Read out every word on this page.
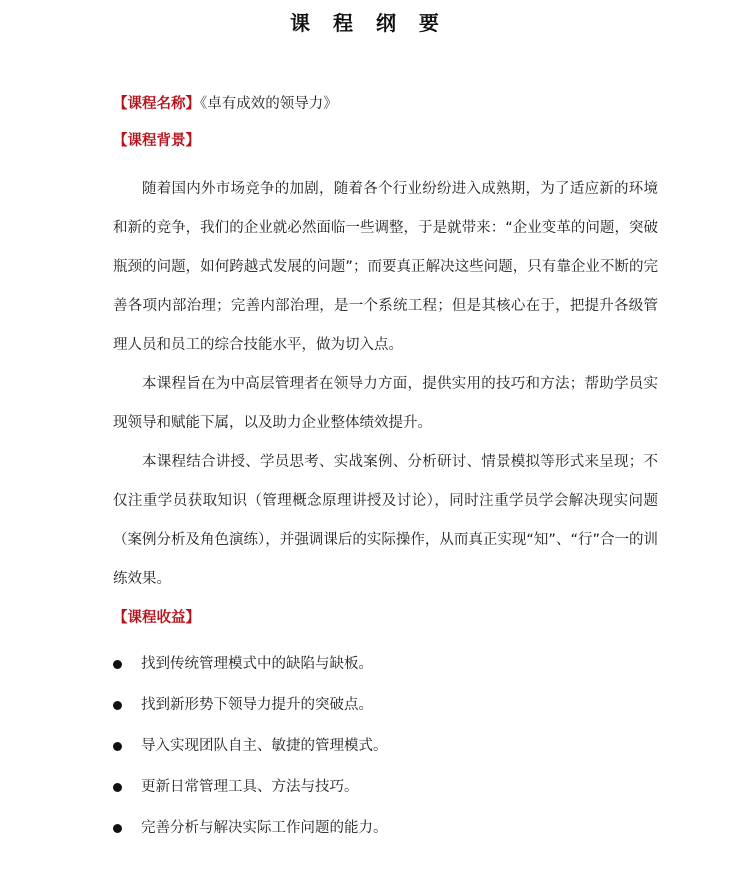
课 程 纲 要
【课程名称】《卓有成效的领导力》
【课程背景】

随着国内外市场竞争的加剧，随着各个行业纷纷进入成熟期，为了适应新的环境和新的竞争，我们的企业就必然面临一些调整，于是就带来：“企业变革的问题，突破瓶颈的问题，如何跨越式发展的问题”；而要真正解决这些问题，只有靠企业不断的完善各项内部治理；完善内部治理，是一个系统工程；但是其核心在于，把提升各级管理人员和员工的综合技能水平，做为切入点。

本课程旨在为中高层管理者在领导力方面，提供实用的技巧和方法；帮助学员实现领导和赋能下属，以及助力企业整体绩效提升。

本课程结合讲授、学员思考、实战案例、分析研讨、情景模拟等形式来呈现；不仅注重学员获取知识（管理概念原理讲授及讨论），同时注重学员学会解决现实问题（案例分析及角色演练），并强调课后的实际操作，从而真正实现“知”、“行”合一的训练效果。

【课程收益】
找到传统管理模式中的缺陷与缺板。
找到新形势下领导力提升的突破点。
导入实现团队自主、敏捷的管理模式。
更新日常管理工具、方法与技巧。
完善分析与解决实际工作问题的能力。
